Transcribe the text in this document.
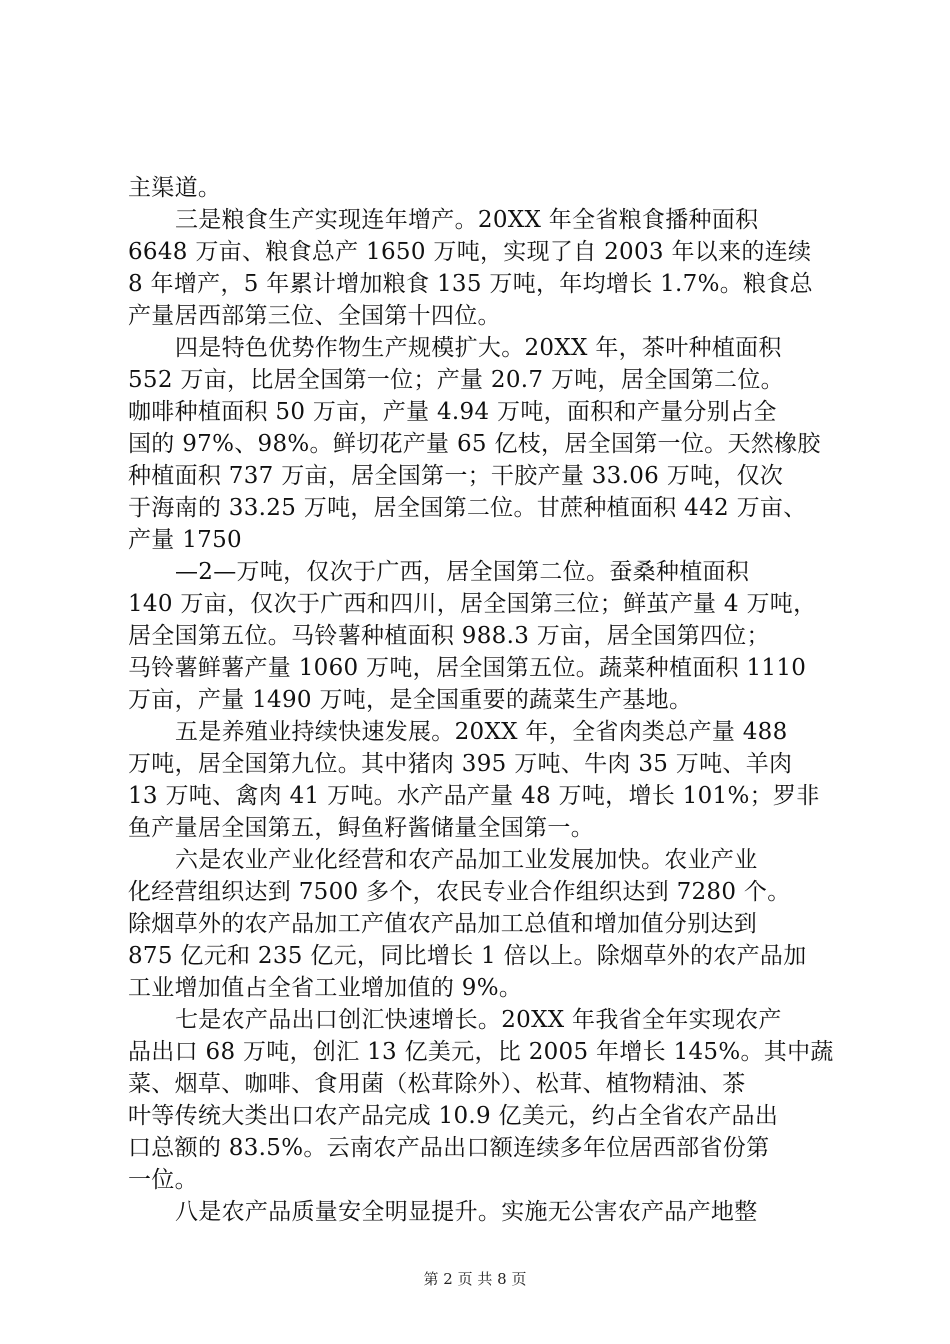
主渠道。
三是粮食生产实现连年增产。20XX 年全省粮食播种面积
6648 万亩、粮食总产 1650 万吨，实现了自 2003 年以来的连续
8 年增产，5 年累计增加粮食 135 万吨，年均增长 1.7%。粮食总
产量居西部第三位、全国第十四位。
四是特色优势作物生产规模扩大。20XX 年，茶叶种植面积
552 万亩，比居全国第一位；产量 20.7 万吨，居全国第二位。
咖啡种植面积 50 万亩，产量 4.94 万吨，面积和产量分别占全
国的 97%、98%。鲜切花产量 65 亿枝，居全国第一位。天然橡胶
种植面积 737 万亩，居全国第一；干胶产量 33.06 万吨，仅次
于海南的 33.25 万吨，居全国第二位。甘蔗种植面积 442 万亩、
产量 1750
—2—万吨，仅次于广西，居全国第二位。蚕桑种植面积
140 万亩，仅次于广西和四川，居全国第三位；鲜茧产量 4 万吨，
居全国第五位。马铃薯种植面积 988.3 万亩，居全国第四位；
马铃薯鲜薯产量 1060 万吨，居全国第五位。蔬菜种植面积 1110
万亩，产量 1490 万吨，是全国重要的蔬菜生产基地。
五是养殖业持续快速发展。20XX 年，全省肉类总产量 488
万吨，居全国第九位。其中猪肉 395 万吨、牛肉 35 万吨、羊肉
13 万吨、禽肉 41 万吨。水产品产量 48 万吨，增长 101%；罗非
鱼产量居全国第五，鲟鱼籽酱储量全国第一。
六是农业产业化经营和农产品加工业发展加快。农业产业
化经营组织达到 7500 多个，农民专业合作组织达到 7280 个。
除烟草外的农产品加工产值农产品加工总值和增加值分别达到
875 亿元和 235 亿元，同比增长 1 倍以上。除烟草外的农产品加
工业增加值占全省工业增加值的 9%。
七是农产品出口创汇快速增长。20XX 年我省全年实现农产
品出口 68 万吨，创汇 13 亿美元，比 2005 年增长 145%。其中蔬
菜、烟草、咖啡、食用菌（松茸除外）、松茸、植物精油、茶
叶等传统大类出口农产品完成 10.9 亿美元，约占全省农产品出
口总额的 83.5%。云南农产品出口额连续多年位居西部省份第
一位。
八是农产品质量安全明显提升。实施无公害农产品产地整
第 2 页 共 8 页
